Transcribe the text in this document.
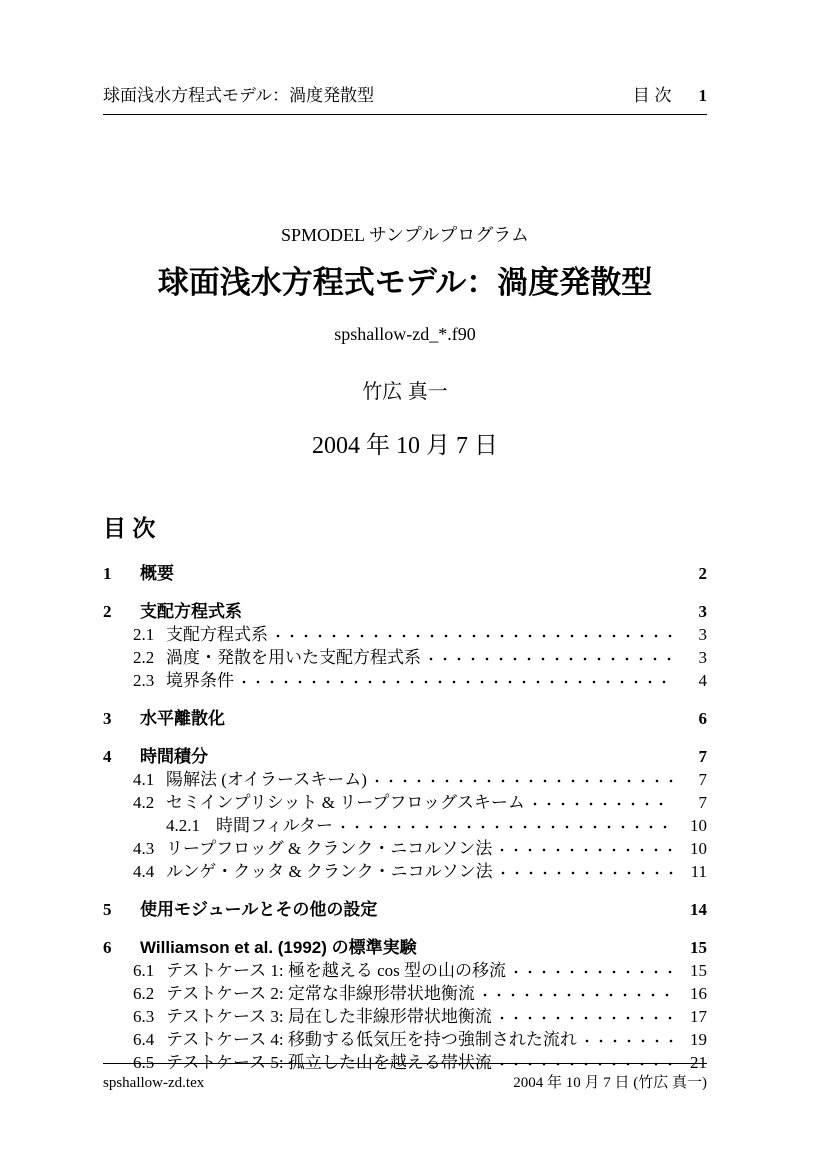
球面浅水方程式モデル：渦度発散型	目 次 1
SPMODEL サンプルプログラム
球面浅水方程式モデル：渦度発散型
spshallow-zd_*.f90
竹広 真一
2004 年 10 月 7 日
目 次
1	概要	2
2	支配方程式系	3
2.1 支配方程式系	3
2.2 渦度・発散を用いた支配方程式系	3
2.3 境界条件	4
3	水平離散化	6
4	時間積分	7
4.1 陽解法 (オイラースキーム)	7
4.2 セミインプリシット & リープフロッグスキーム	7
4.2.1 時間フィルター	10
4.3 リープフロッグ & クランク・ニコルソン法	10
4.4 ルンゲ・クッタ & クランク・ニコルソン法	11
5	使用モジュールとその他の設定	14
6	Williamson et al. (1992) の標準実験	15
6.1 テストケース 1: 極を越える cos 型の山の移流	15
6.2 テストケース 2: 定常な非線形帯状地衡流	16
6.3 テストケース 3: 局在した非線形帯状地衡流	17
6.4 テストケース 4: 移動する低気圧を持つ強制された流れ	19
6.5 テストケース 5: 孤立した山を越える帯状流	21
spshallow-zd.tex	2004 年 10 月 7 日 (竹広 真一)
